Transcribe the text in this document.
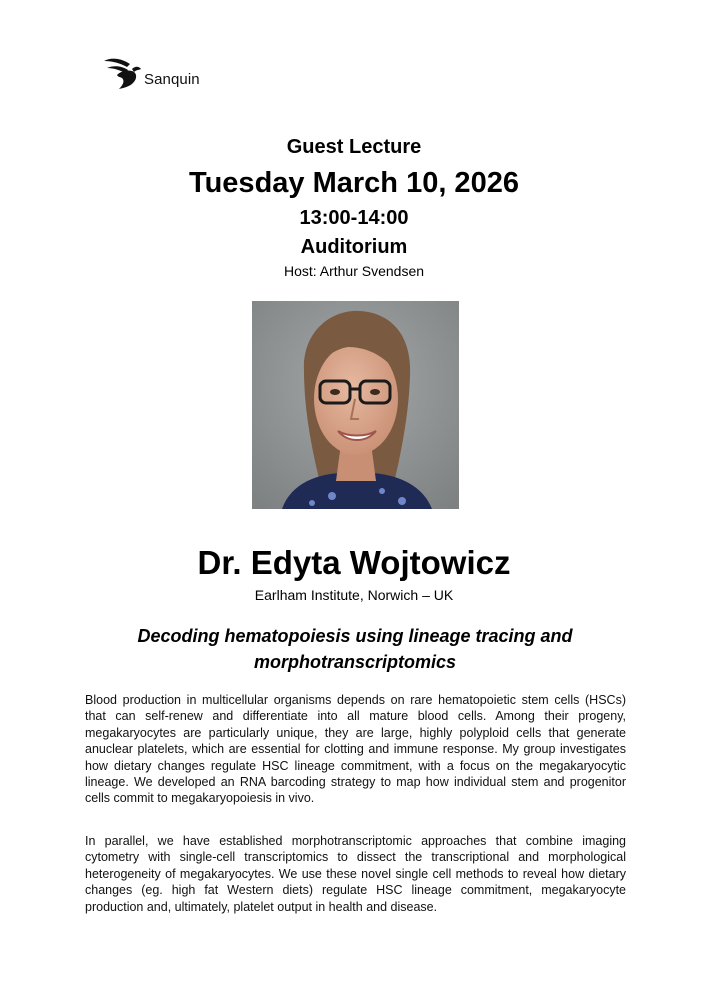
Sanquin
Guest Lecture
Tuesday March 10, 2026
13:00-14:00
Auditorium
Host: Arthur Svendsen
Dr. Edyta Wojtowicz
Earlham Institute, Norwich – UK
Decoding hematopoiesis using lineage tracing and morphotranscriptomics
Blood production in multicellular organisms depends on rare hematopoietic stem cells (HSCs) that can self-renew and differentiate into all mature blood cells. Among their progeny, megakaryocytes are particularly unique, they are large, highly polyploid cells that generate anuclear platelets, which are essential for clotting and immune response. My group investigates how dietary changes regulate HSC lineage commitment, with a focus on the megakaryocytic lineage. We developed an RNA barcoding strategy to map how individual stem and progenitor cells commit to megakaryopoiesis in vivo.
In parallel, we have established morphotranscriptomic approaches that combine imaging cytometry with single-cell transcriptomics to dissect the transcriptional and morphological heterogeneity of megakaryocytes. We use these novel single cell methods to reveal how dietary changes (eg. high fat Western diets) regulate HSC lineage commitment, megakaryocyte production and, ultimately, platelet output in health and disease.
